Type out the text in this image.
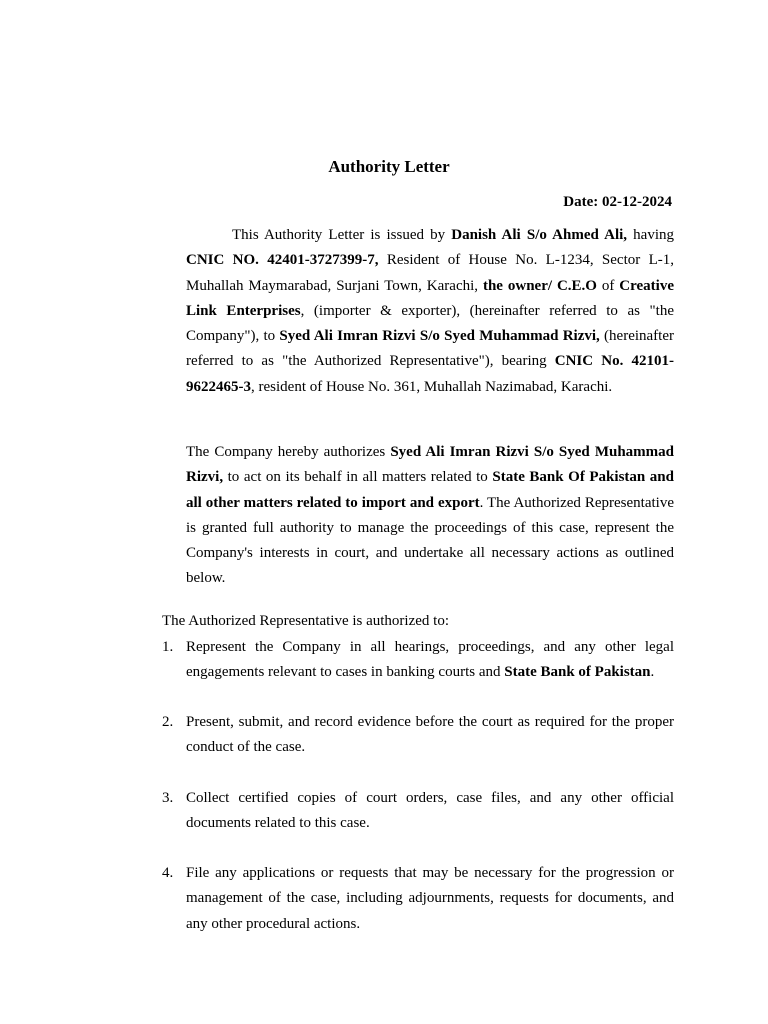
Authority Letter
Date: 02-12-2024
This Authority Letter is issued by Danish Ali S/o Ahmed Ali, having CNIC NO. 42401-3727399-7, Resident of House No. L-1234, Sector L-1, Muhallah Maymarabad, Surjani Town, Karachi, the owner/ C.E.O of Creative Link Enterprises, (importer & exporter), (hereinafter referred to as "the Company"), to Syed Ali Imran Rizvi S/o Syed Muhammad Rizvi, (hereinafter referred to as "the Authorized Representative"), bearing CNIC No. 42101-9622465-3, resident of House No. 361, Muhallah Nazimabad, Karachi.
The Company hereby authorizes Syed Ali Imran Rizvi S/o Syed Muhammad Rizvi, to act on its behalf in all matters related to State Bank Of Pakistan and all other matters related to import and export. The Authorized Representative is granted full authority to manage the proceedings of this case, represent the Company's interests in court, and undertake all necessary actions as outlined below.
The Authorized Representative is authorized to:
1. Represent the Company in all hearings, proceedings, and any other legal engagements relevant to cases in banking courts and State Bank of Pakistan.
2. Present, submit, and record evidence before the court as required for the proper conduct of the case.
3. Collect certified copies of court orders, case files, and any other official documents related to this case.
4. File any applications or requests that may be necessary for the progression or management of the case, including adjournments, requests for documents, and any other procedural actions.
